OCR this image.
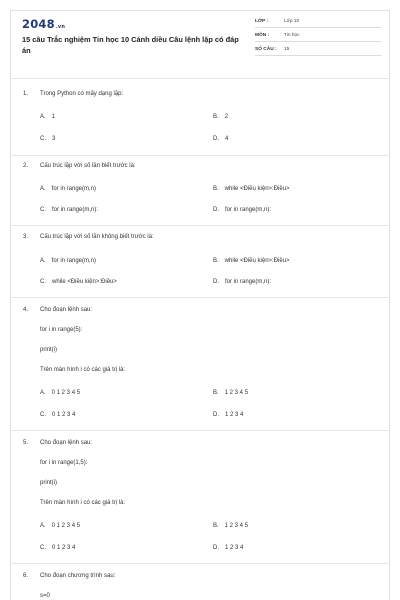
2048.vn
15 câu Trắc nghiệm Tin học 10 Cánh diều Câu lệnh lặp có đáp án
LỚP :	Lớp 10
MÔN :	Tin học
SỐ CÂU : 15
1. Trong Python có mấy dạng lặp:
A. 1	B. 2
C. 3	D. 4
2. Cấu trúc lặp với số lần biết trước là:
A. for in range(m,n)	B. while <Điều kiện>:Điều>
C. for in range(m,n):	D. for in range(m,n):
3. Cấu trúc lặp với số lần không biết trước là:
A. for in range(m,n)	B. while <Điều kiện>:Điều>
C. while <Điều kiện>:Điều>	D. for in range(m,n):
4. Cho đoạn lệnh sau:
for i in range(5):
print(i)
Trên màn hình i có các giá trị là:
A. 0 1 2 3 4 5	B. 1 2 3 4 5
C. 0 1 2 3 4	D. 1 2 3 4
5. Cho đoạn lệnh sau:
for i in range(1,5):
print(i)
Trên màn hình i có các giá trị là:
A. 0 1 2 3 4 5	B. 1 2 3 4 5
C. 0 1 2 3 4	D. 1 2 3 4
6. Cho đoạn chương trình sau:
s=0
